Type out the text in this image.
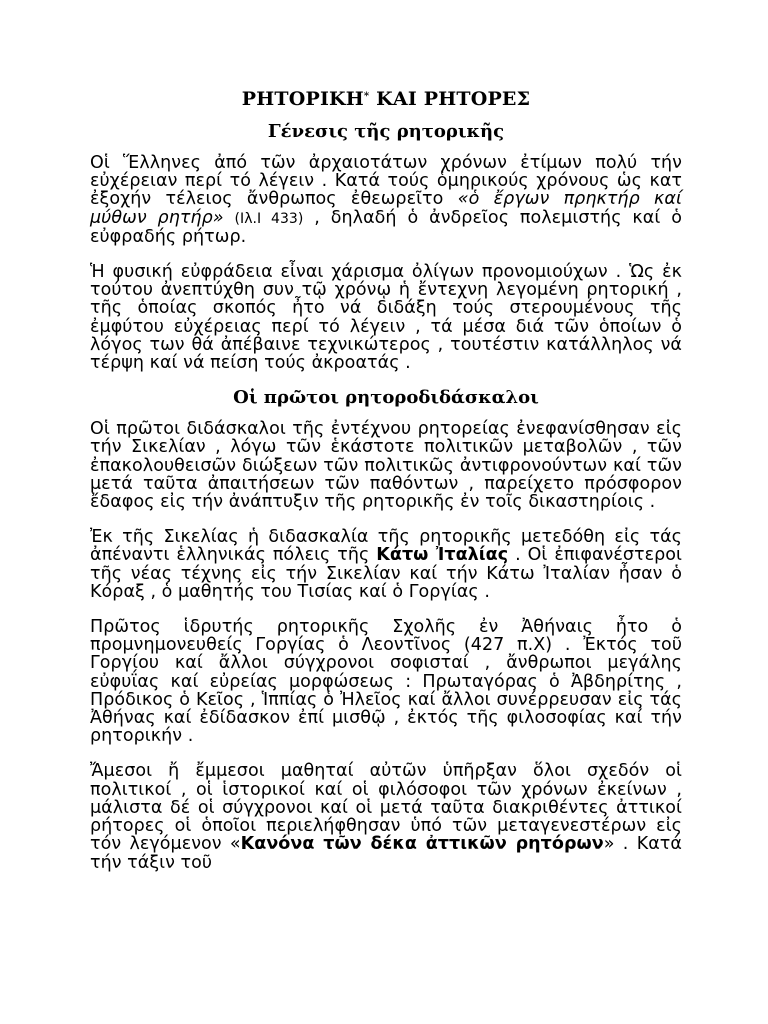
ΡΗΤΟΡΙΚΗ* ΚΑΙ ΡΗΤΟΡΕΣ
Γένεσις τῆς ρητορικῆς

Οἱ Ἕλληνες ἀπό τῶν ἀρχαιοτάτων χρόνων ἐτίμων πολύ τήν εὐχέρειαν περί τό λέγειν . Κατά τούς ὁμηρικούς χρόνους ὡς κατ ἐξοχήν τέλειος ἄνθρωπος ἐθεωρεῖτο «ὁ ἔργων πρηκτήρ καί μύθων ρητήρ» (Ιλ.Ι 433) , δηλαδή ὁ ἀνδρεῖος πολεμιστής καί ὁ εὐφραδής ρήτωρ.

Ἡ φυσική εὐφράδεια εἶναι χάρισμα ὀλίγων προνομιούχων . Ὡς ἐκ τούτου ἀνεπτύχθη συν τῷ χρόνῳ ἡ ἔντεχνη λεγομένη ρητορική , τῆς ὁποίας σκοπός ἦτο νά διδάξη τούς στερουμένους τῆς ἐμφύτου εὐχέρειας περί τό λέγειν , τά μέσα διά τῶν ὁποίων ὁ λόγος των θά ἀπέβαινε τεχνικώτερος , τουτέστιν κατάλληλος νά τέρψη καί νά πείση τούς ἀκροατάς .

Οἱ πρῶτοι ρητοροδιδάσκαλοι

Οἱ πρῶτοι διδάσκαλοι τῆς ἐντέχνου ρητορείας ἐνεφανίσθησαν εἰς τήν Σικελίαν , λόγω τῶν ἑκάστοτε πολιτικῶν μεταβολῶν , τῶν ἐπακολουθεισῶν διώξεων τῶν πολιτικῶς ἀντιφρονούντων καί τῶν μετά ταῦτα ἀπαιτήσεων τῶν παθόντων , παρείχετο πρόσφορον ἔδαφος εἰς τήν ἀνάπτυξιν τῆς ρητορικῆς ἐν τοῖς δικαστηρίοις .

Ἐκ τῆς Σικελίας ἡ διδασκαλία τῆς ρητορικῆς μετεδόθη εἰς τάς ἀπέναντι ἑλληνικάς πόλεις τῆς Κάτω Ἰταλίας . Οἱ ἐπιφανέστεροι τῆς νέας τέχνης εἰς τήν Σικελίαν καί τήν Κάτω Ἰταλίαν ἦσαν ὁ Κόραξ , ὁ μαθητής του Τισίας καί ὁ Γοργίας .

Πρῶτος ἱδρυτής ρητορικῆς Σχολῆς ἐν Ἀθήναις ἦτο ὁ προμνημονευθείς Γοργίας ὁ Λεοντῖνος (427 π.Χ) . Ἐκτός τοῦ Γοργίου καί ἄλλοι σύγχρονοι σοφισταί , ἄνθρωποι μεγάλης εὐφυΐας καί εὐρείας μορφώσεως : Πρωταγόρας ὁ Ἀβδηρίτης , Πρόδικος ὁ Κεῖος , Ἱππίας ὁ Ἠλεῖος καί ἄλλοι συνέρρευσαν εἰς τάς Ἀθήνας καί ἐδίδασκον ἐπί μισθῷ , ἐκτός τῆς φιλοσοφίας καί τήν ρητορικήν .

Ἄμεσοι ἤ ἔμμεσοι μαθηταί αὐτῶν ὑπῆρξαν ὅλοι σχεδόν οἱ πολιτικοί , οἱ ἱστορικοί καί οἱ φιλόσοφοι τῶν χρόνων ἐκείνων , μάλιστα δέ οἱ σύγχρονοι καί οἱ μετά ταῦτα διακριθέντες ἀττικοί ρήτορες οἱ ὁποῖοι περιελήφθησαν ὑπό τῶν μεταγενεστέρων εἰς τόν λεγόμενον «Κανόνα τῶν δέκα ἀττικῶν ρητόρων» . Κατά τήν τάξιν τοῦ
